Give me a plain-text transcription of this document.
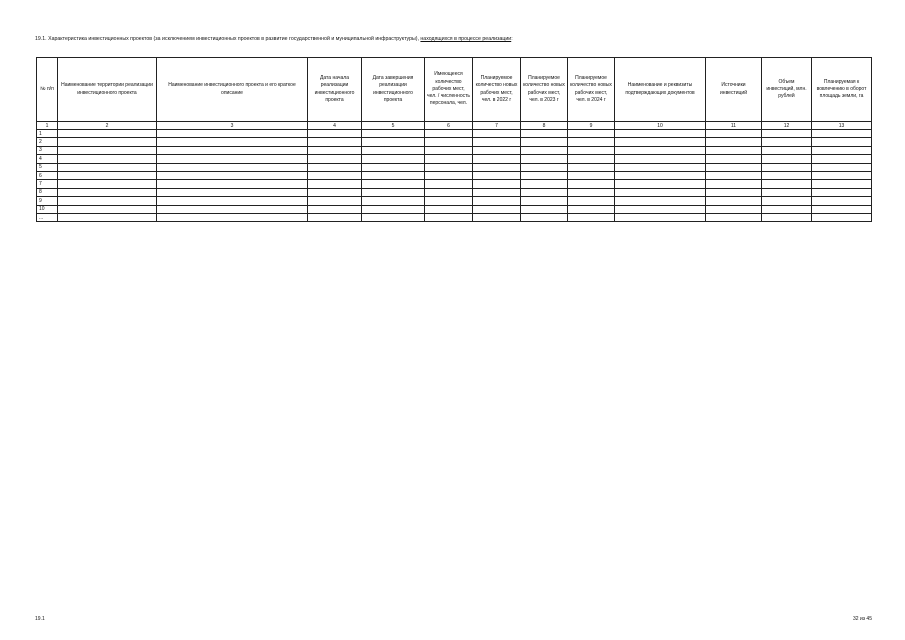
19.1. Характеристика инвестиционных проектов (за исключением инвестиционных проектов в развитие государственной и муниципальной инфраструктуры), находящихся в процессе реализации:
№ п/п	Наименование территории реализации инвестиционного проекта	Наименование инвестиционного проекта и его краткое описание	Дата начала реализации инвестиционного проекта	Дата завершения реализации инвестиционного проекта	Имеющееся количество рабочих мест, чел. / численность персонала, чел.	Планируемое количество новых рабочих мест, чел. в 2022 г	Планируемое количество новых рабочих мест, чел. в 2023 г	Планируемое количество новых рабочих мест, чел. в 2024 г	Наименование и реквизиты подтверждающих документов	Источники инвестиций	Объем инвестиций, млн. рублей	Планируемая к вовлечению в оборот площадь земли, га
1	2	3	4	5	6	7	8	9	10	11	12	13
1												
2												
3												
4												
5												
6												
7												
8												
9												
10												
...												
19.1	32 из 45
